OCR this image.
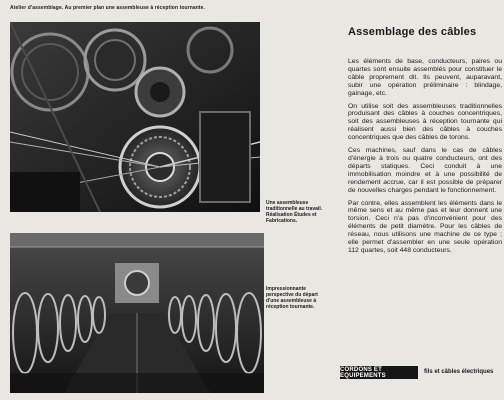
Atelier d'assemblage. Au premier plan une assembleuse à réception tournante.
Une assembleuse traditionnelle au travail. Réalisation Études et Fabrications.
Impressionnante perspective du départ d'une assembleuse à réception tournante.
Assemblage des câbles

Les éléments de base, conducteurs, paires ou quartes sont ensuite assemblés pour constituer le câble proprement dit. Ils peuvent, auparavant, subir une opération préliminaire : blindage, gainage, etc.

On utilise soit des assembleuses traditionnelles produisant des câbles à couches concentriques, soit des assembleuses à réception tournante qui réalisent aussi bien des câbles à couches concentriques que des câbles de torons.

Ces machines, sauf dans le cas de câbles d'énergie à trois ou quatre conducteurs, ont des départs statiques. Ceci conduit à une immobilisation moindre et à une possibilité de rendement accrue, car il est possible de préparer de nouvelles charges pendant le fonctionnement.

Par contre, elles assemblent les éléments dans le même sens et au même pas et leur donnent une torsion. Ceci n'a pas d'inconvénient pour des éléments de petit diamètre. Pour les câbles de réseau, nous utilisons une machine de ce type ; elle permet d'assembler en une seule opération 112 quartes, soit 448 conducteurs.

CORDONS ET EQUIPEMENTS
fils et câbles électriques
